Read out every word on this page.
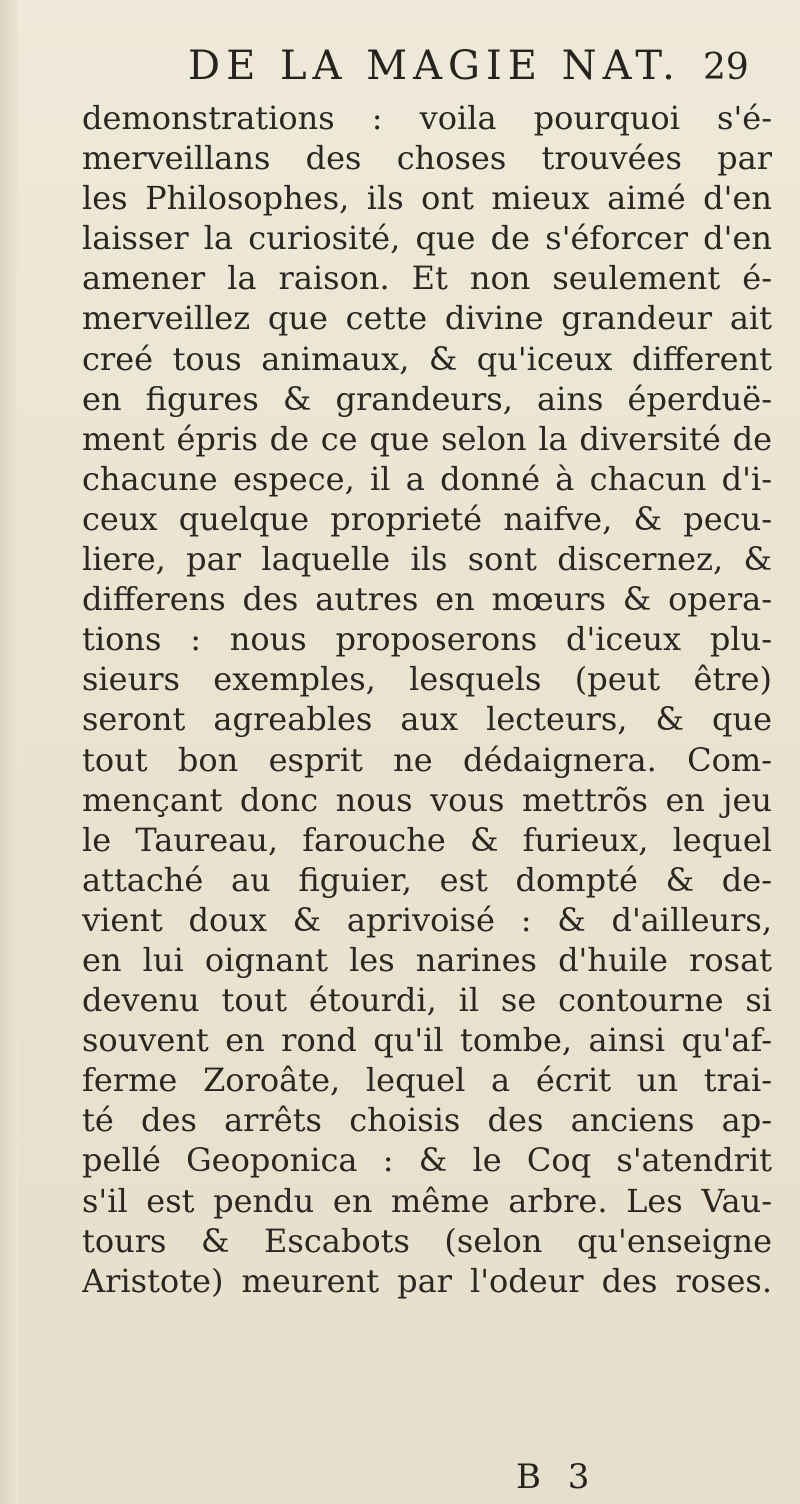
DE LA MAGIE NAT. 29
demonstrations : voila pourquoi s'é-
merveillans des choses trouvées par
les Philosophes, ils ont mieux aimé d'en
laisser la curiosité, que de s'éforcer d'en
amener la raison. Et non seulement é-
merveillez que cette divine grandeur ait
creé tous animaux, & qu'iceux different
en figures & grandeurs, ains éperduë-
ment épris de ce que selon la diversité de
chacune espece, il a donné à chacun d'i-
ceux quelque proprieté naifve, & pecu-
liere, par laquelle ils sont discernez, &
differens des autres en mœurs & opera-
tions : nous proposerons d'iceux plu-
sieurs exemples, lesquels (peut être)
seront agreables aux lecteurs, & que
tout bon esprit ne dédaignera. Com-
mençant donc nous vous mettrõs en jeu
le Taureau, farouche & furieux, lequel
attaché au figuier, est dompté & de-
vient doux & aprivoisé : & d'ailleurs,
en lui oignant les narines d'huile rosat
devenu tout étourdi, il se contourne si
souvent en rond qu'il tombe, ainsi qu'af-
ferme Zoroâte, lequel a écrit un trai-
té des arrêts choisis des anciens ap-
pellé Geoponica : & le Coq s'atendrit
s'il est pendu en même arbre. Les Vau-
tours & Escabots (selon qu'enseigne
Aristote) meurent par l'odeur des roses.
B 3
